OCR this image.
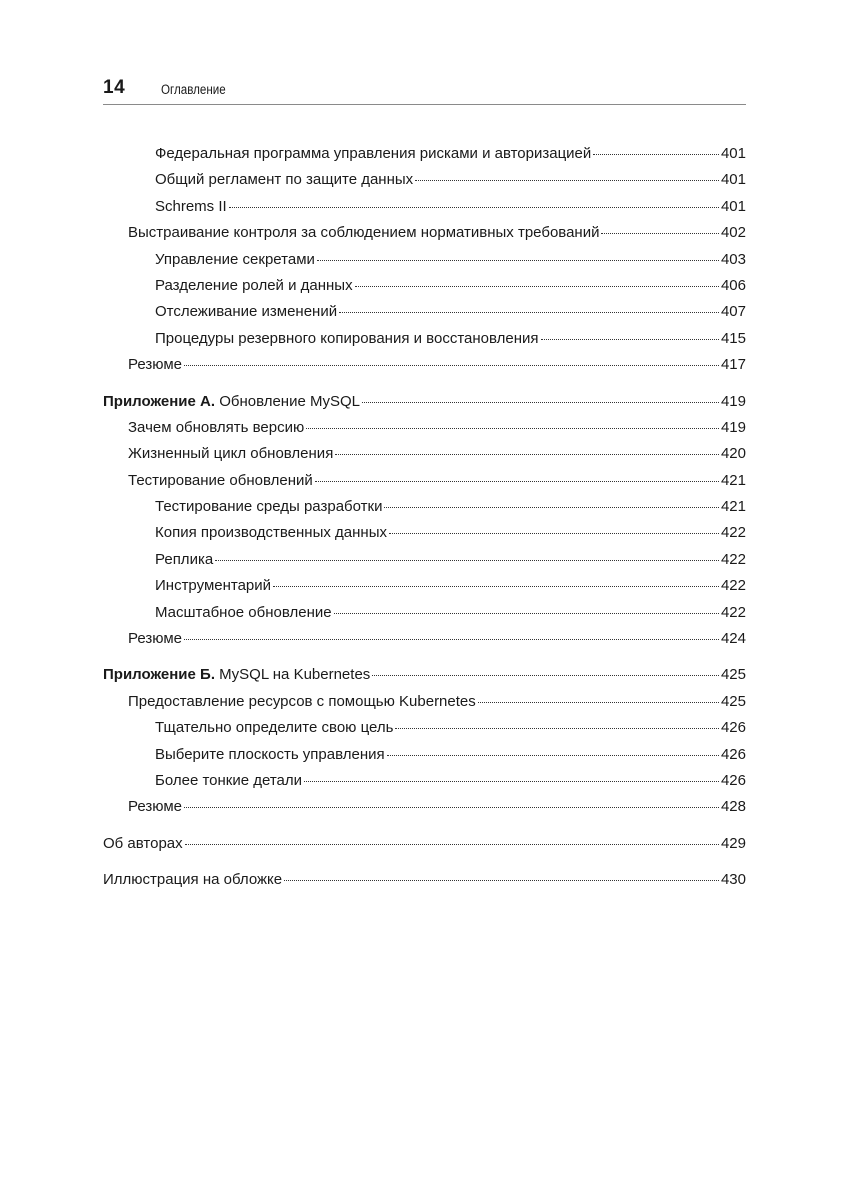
14	Оглавление
Федеральная программа управления рисками и авторизацией	401
Общий регламент по защите данных	401
Schrems II	401
Выстраивание контроля за соблюдением нормативных требований	402
Управление секретами	403
Разделение ролей и данных	406
Отслеживание изменений	407
Процедуры резервного копирования и восстановления	415
Резюме	417
Приложение А. Обновление MySQL	419
Зачем обновлять версию	419
Жизненный цикл обновления	420
Тестирование обновлений	421
Тестирование среды разработки	421
Копия производственных данных	422
Реплика	422
Инструментарий	422
Масштабное обновление	422
Резюме	424
Приложение Б. MySQL на Kubernetes	425
Предоставление ресурсов с помощью Kubernetes	425
Тщательно определите свою цель	426
Выберите плоскость управления	426
Более тонкие детали	426
Резюме	428
Об авторах	429
Иллюстрация на обложке	430
